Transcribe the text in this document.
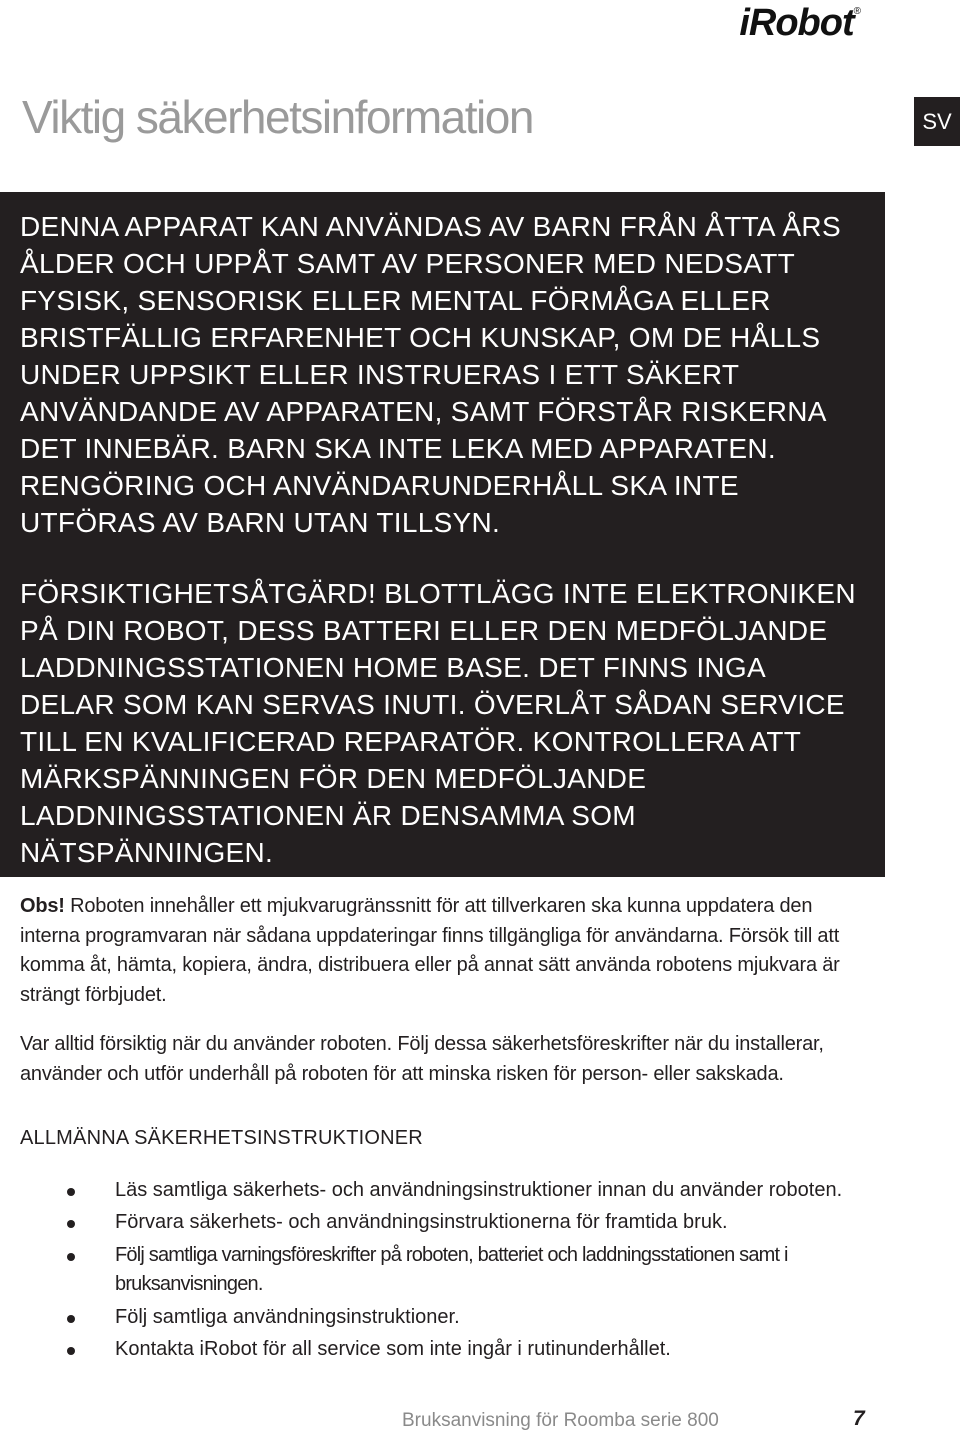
iRobot®
Viktig säkerhetsinformation	SV

DENNA APPARAT KAN ANVÄNDAS AV BARN FRÅN ÅTTA ÅRS ÅLDER OCH UPPÅT SAMT AV PERSONER MED NEDSATT FYSISK, SENSORISK ELLER MENTAL FÖRMÅGA ELLER BRISTFÄLLIG ERFARENHET OCH KUNSKAP, OM DE HÅLLS UNDER UPPSIKT ELLER INSTRUERAS I ETT SÄKERT ANVÄNDANDE AV APPARATEN, SAMT FÖRSTÅR RISKERNA DET INNEBÄR. BARN SKA INTE LEKA MED APPARATEN. RENGÖRING OCH ANVÄNDARUNDERHÅLL SKA INTE UTFÖRAS AV BARN UTAN TILLSYN.

FÖRSIKTIGHETSÅTGÄRD! BLOTTLÄGG INTE ELEKTRONIKEN PÅ DIN ROBOT, DESS BATTERI ELLER DEN MEDFÖLJANDE LADDNINGSSTATIONEN HOME BASE. DET FINNS INGA DELAR SOM KAN SERVAS INUTI. ÖVERLÅT SÅDAN SERVICE TILL EN KVALIFICERAD REPARATÖR. KONTROLLERA ATT MÄRKSPÄNNINGEN FÖR DEN MEDFÖLJANDE LADDNINGSSTATIONEN ÄR DENSAMMA SOM NÄTSPÄNNINGEN.

Obs! Roboten innehåller ett mjukvarugränssnitt för att tillverkaren ska kunna uppdatera den interna programvaran när sådana uppdateringar finns tillgängliga för användarna. Försök till att komma åt, hämta, kopiera, ändra, distribuera eller på annat sätt använda robotens mjukvara är strängt förbjudet.

Var alltid försiktig när du använder roboten. Följ dessa säkerhetsföreskrifter när du installerar, använder och utför underhåll på roboten för att minska risken för person- eller sakskada.

ALLMÄNNA SÄKERHETSINSTRUKTIONER
Läs samtliga säkerhets- och användningsinstruktioner innan du använder roboten.
Förvara säkerhets- och användningsinstruktionerna för framtida bruk.
Följ samtliga varningsföreskrifter på roboten, batteriet och laddningsstationen samt i bruksanvisningen.
Följ samtliga användningsinstruktioner.
Kontakta iRobot för all service som inte ingår i rutinunderhållet.
Bruksanvisning för Roomba serie 800	7
